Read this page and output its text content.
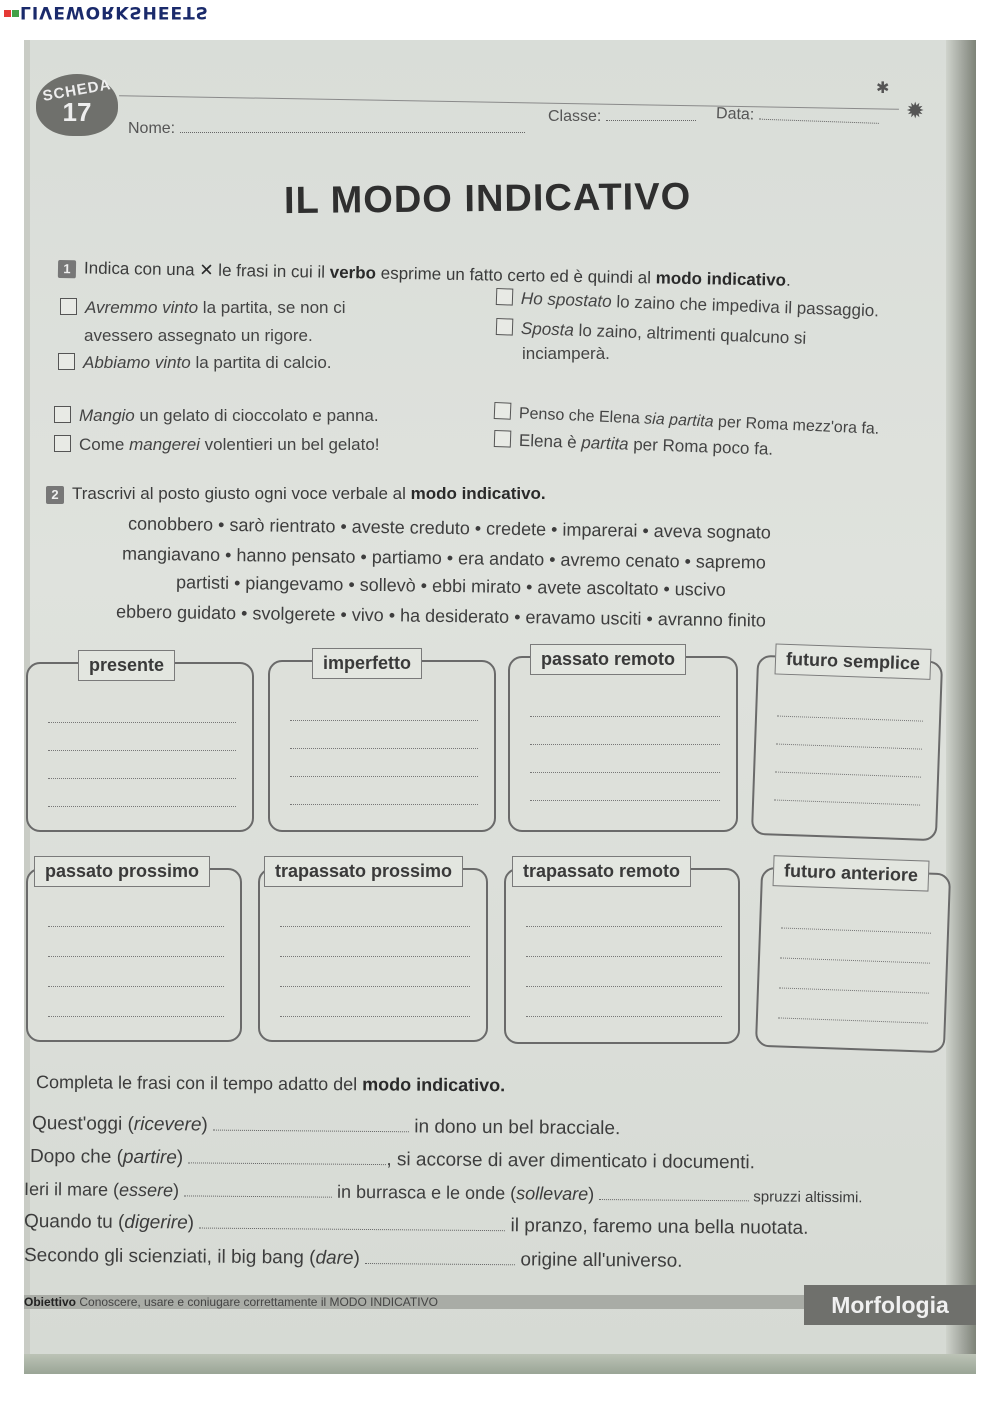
LIVEWORKSHEETS
SCHEDA
17
✱
✹
Nome:
Classe:	Data:
IL MODO INDICATIVO
1 Indica con una ✕ le frasi in cui il verbo esprime un fatto certo ed è quindi al modo indicativo.
Avremmo vinto la partita, se non ci
avessero assegnato un rigore.
Abbiamo vinto la partita di calcio.
Ho spostato lo zaino che impediva il passaggio.
Sposta lo zaino, altrimenti qualcuno si
inciamperà.
Mangio un gelato di cioccolato e panna.
Come mangerei volentieri un bel gelato!
Penso che Elena sia partita per Roma mezz'ora fa.
Elena è partita per Roma poco fa.
2 Trascrivi al posto giusto ogni voce verbale al modo indicativo.
conobbero • sarò rientrato • aveste creduto • credete • imparerai • aveva sognato
mangiavano • hanno pensato • partiamo • era andato • avremo cenato • sapremo
partisti • piangevamo • sollevò • ebbi mirato • avete ascoltato • uscivo
ebbero guidato • svolgerete • vivo • ha desiderato • eravamo usciti • avranno finito
presente	imperfetto	passato remoto	futuro semplice
passato prossimo	trapassato prossimo	trapassato remoto	futuro anteriore
Completa le frasi con il tempo adatto del modo indicativo.
Quest'oggi (ricevere)	in dono un bel bracciale.
Dopo che (partire)	, si accorse di aver dimenticato i documenti.
Ieri il mare (essere)	in burrasca e le onde (sollevare)	spruzzi altissimi.
Quando tu (digerire)	il pranzo, faremo una bella nuotata.
Secondo gli scienziati, il big bang (dare)	origine all'universo.
Obiettivo Conoscere, usare e coniugare correttamente il MODO INDICATIVO	Morfologia
